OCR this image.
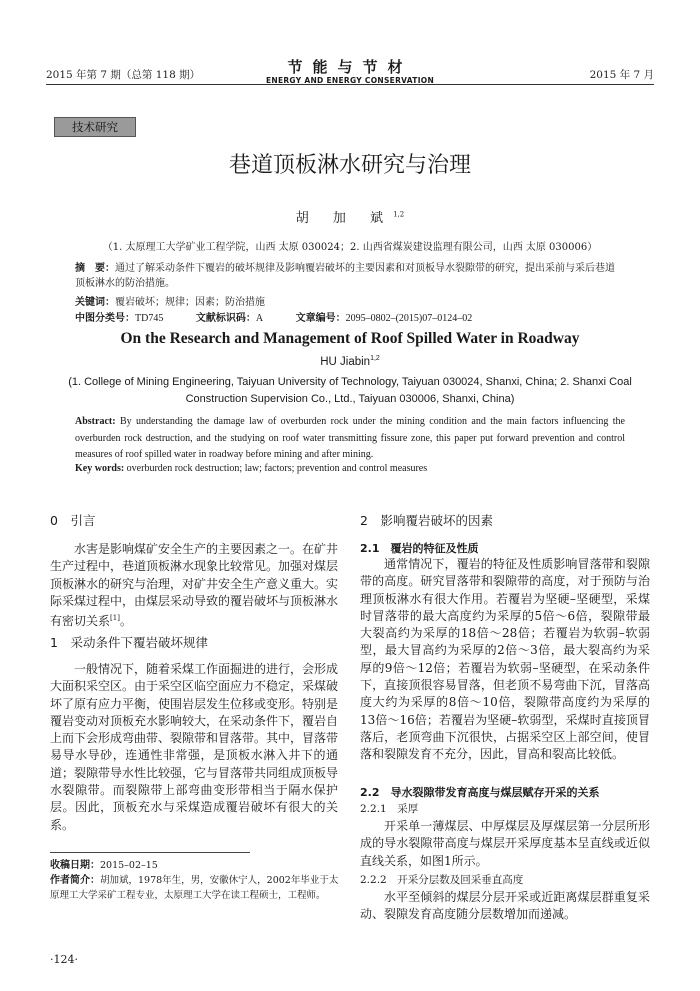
2015 年第 7 期（总第 118 期）	节能与节材
ENERGY AND ENERGY CONSERVATION	2015 年 7 月
技术研究
巷道顶板淋水研究与治理
胡 加 斌$^{1,2}$
（1. 太原理工大学矿业工程学院，山西 太原 030024；2. 山西省煤炭建设监理有限公司，山西 太原 030006）
摘　要：通过了解采动条件下覆岩的破坏规律及影响覆岩破坏的主要因素和对顶板导水裂隙带的研究，提出采前与采后巷道顶板淋水的防治措施。
关键词：覆岩破坏；规律；因素；防治措施
中图分类号：TD745	文献标识码：A	文章编号：2095–0802–(2015)07–0124–02
On the Research and Management of Roof Spilled Water in Roadway
HU Jiabin$^{1,2}$
(1. College of Mining Engineering, Taiyuan University of Technology, Taiyuan 030024, Shanxi, China; 2. Shanxi Coal Construction Supervision Co., Ltd., Taiyuan 030006, Shanxi, China)
Abstract: By understanding the damage law of overburden rock under the mining condition and the main factors influencing the overburden rock destruction, and the studying on roof water transmitting fissure zone, this paper put forward prevention and control measures of roof spilled water in roadway before mining and after mining.
Key words: overburden rock destruction; law; factors; prevention and control measures
0　引言

水害是影响煤矿安全生产的主要因素之一。在矿井生产过程中，巷道顶板淋水现象比较常见。加强对煤层顶板淋水的研究与治理，对矿井安全生产意义重大。实际采煤过程中，由煤层采动导致的覆岩破坏与顶板淋水有密切关系[1]。

1　采动条件下覆岩破坏规律

一般情况下，随着采煤工作面掘进的进行，会形成大面积采空区。由于采空区临空面应力不稳定，采煤破坏了原有应力平衡，使围岩层发生位移或变形。特别是覆岩变动对顶板充水影响较大，在采动条件下，覆岩自上而下会形成弯曲带、裂隙带和冒落带。其中，冒落带易导水导砂，连通性非常强，是顶板水淋入井下的通道；裂隙带导水性比较强，它与冒落带共同组成顶板导水裂隙带。而裂隙带上部弯曲变形带相当于隔水保护层。因此，顶板充水与采煤造成覆岩破坏有很大的关系。

收稿日期：2015–02–15
作者简介：胡加斌，1978年生，男，安徽休宁人，2002年毕业于太原理工大学采矿工程专业，太原理工大学在读工程硕士，工程师。
·124·
2　影响覆岩破坏的因素
2.1　覆岩的特征及性质

通常情况下，覆岩的特征及性质影响冒落带和裂隙带的高度。研究冒落带和裂隙带的高度，对于预防与治理顶板淋水有很大作用。若覆岩为坚硬–坚硬型，采煤时冒落带的最大高度约为采厚的5倍～6倍，裂隙带最大裂高约为采厚的18倍～28倍；若覆岩为软弱–软弱型，最大冒高约为采厚的2倍～3倍，最大裂高约为采厚的9倍～12倍；若覆岩为软弱–坚硬型，在采动条件下，直接顶很容易冒落，但老顶不易弯曲下沉，冒落高度大约为采厚的8倍～10倍，裂隙带高度约为采厚的13倍～16倍；若覆岩为坚硬–软弱型，采煤时直接顶冒落后，老顶弯曲下沉很快，占据采空区上部空间，使冒落和裂隙发育不充分，因此，冒高和裂高比较低。

2.2　导水裂隙带发育高度与煤层赋存开采的关系
2.2.1　采厚

开采单一薄煤层、中厚煤层及厚煤层第一分层所形成的导水裂隙带高度与煤层开采厚度基本呈直线或近似直线关系，如图1所示。

2.2.2　开采分层数及回采垂直高度

水平至倾斜的煤层分层开采或近距离煤层群重复采动、裂隙发育高度随分层数增加而递减。
